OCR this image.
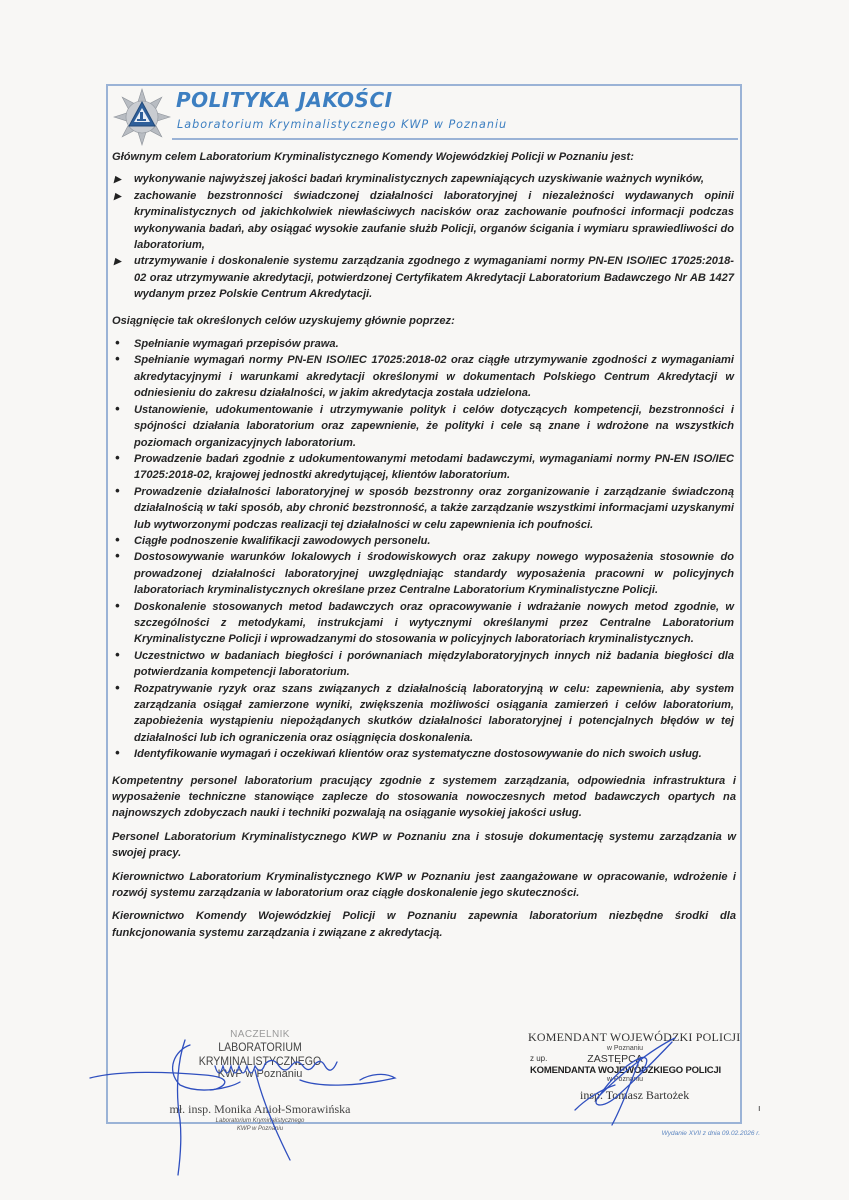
POLITYKA JAKOŚCI
Laboratorium Kryminalistycznego KWP w Poznaniu

Głównym celem Laboratorium Kryminalistycznego Komendy Wojewódzkiej Policji w Poznaniu jest:

▶ wykonywanie najwyższej jakości badań kryminalistycznych zapewniających uzyskiwanie ważnych wyników,
▶ zachowanie bezstronności świadczonej działalności laboratoryjnej i niezależności wydawanych opinii kryminalistycznych od jakichkolwiek niewłaściwych nacisków oraz zachowanie poufności informacji podczas wykonywania badań, aby osiągać wysokie zaufanie służb Policji, organów ścigania i wymiaru sprawiedliwości do laboratorium,
▶ utrzymywanie i doskonalenie systemu zarządzania zgodnego z wymaganiami normy PN-EN ISO/IEC 17025:2018-02 oraz utrzymywanie akredytacji, potwierdzonej Certyfikatem Akredytacji Laboratorium Badawczego Nr AB 1427 wydanym przez Polskie Centrum Akredytacji.

Osiągnięcie tak określonych celów uzyskujemy głównie poprzez:

• Spełnianie wymagań przepisów prawa.
• Spełnianie wymagań normy PN-EN ISO/IEC 17025:2018-02 oraz ciągłe utrzymywanie zgodności z wymaganiami akredytacyjnymi i warunkami akredytacji określonymi w dokumentach Polskiego Centrum Akredytacji w odniesieniu do zakresu działalności, w jakim akredytacja została udzielona.
• Ustanowienie, udokumentowanie i utrzymywanie polityk i celów dotyczących kompetencji, bezstronności i spójności działania laboratorium oraz zapewnienie, że polityki i cele są znane i wdrożone na wszystkich poziomach organizacyjnych laboratorium.
• Prowadzenie badań zgodnie z udokumentowanymi metodami badawczymi, wymaganiami normy PN-EN ISO/IEC 17025:2018-02, krajowej jednostki akredytującej, klientów laboratorium.
• Prowadzenie działalności laboratoryjnej w sposób bezstronny oraz zorganizowanie i zarządzanie świadczoną działalnością w taki sposób, aby chronić bezstronność, a także zarządzanie wszystkimi informacjami uzyskanymi lub wytworzonymi podczas realizacji tej działalności w celu zapewnienia ich poufności.
• Ciągłe podnoszenie kwalifikacji zawodowych personelu.
• Dostosowywanie warunków lokalowych i środowiskowych oraz zakupy nowego wyposażenia stosownie do prowadzonej działalności laboratoryjnej uwzględniając standardy wyposażenia pracowni w policyjnych laboratoriach kryminalistycznych określane przez Centralne Laboratorium Kryminalistyczne Policji.
• Doskonalenie stosowanych metod badawczych oraz opracowywanie i wdrażanie nowych metod zgodnie, w szczególności z metodykami, instrukcjami i wytycznymi określanymi przez Centralne Laboratorium Kryminalistyczne Policji i wprowadzanymi do stosowania w policyjnych laboratoriach kryminalistycznych.
• Uczestnictwo w badaniach biegłości i porównaniach międzylaboratoryjnych innych niż badania biegłości dla potwierdzania kompetencji laboratorium.
• Rozpatrywanie ryzyk oraz szans związanych z działalnością laboratoryjną w celu: zapewnienia, aby system zarządzania osiągał zamierzone wyniki, zwiększenia możliwości osiągania zamierzeń i celów laboratorium, zapobieżenia wystąpieniu niepożądanych skutków działalności laboratoryjnej i potencjalnych błędów w tej działalności lub ich ograniczenia oraz osiągnięcia doskonalenia.
• Identyfikowanie wymagań i oczekiwań klientów oraz systematyczne dostosowywanie do nich swoich usług.

Kompetentny personel laboratorium pracujący zgodnie z systemem zarządzania, odpowiednia infrastruktura i wyposażenie techniczne stanowiące zaplecze do stosowania nowoczesnych metod badawczych opartych na najnowszych zdobyczach nauki i techniki pozwalają na osiąganie wysokiej jakości usług.

Personel Laboratorium Kryminalistycznego KWP w Poznaniu zna i stosuje dokumentację systemu zarządzania w swojej pracy.

Kierownictwo Laboratorium Kryminalistycznego KWP w Poznaniu jest zaangażowane w opracowanie, wdrożenie i rozwój systemu zarządzania w laboratorium oraz ciągłe doskonalenie jego skuteczności.

Kierownictwo Komendy Wojewódzkiej Policji w Poznaniu zapewnia laboratorium niezbędne środki dla funkcjonowania systemu zarządzania i związane z akredytacją.

NACZELNIK
LABORATORIUM KRYMINALISTYCZNEGO
KWP w Poznaniu
mł. insp. Monika Anioł-Smorawińska
Laboratorium Kryminalistycznego
KWP w Poznaniu
KOMENDANT WOJEWÓDZKI POLICJI
w Poznaniu
z up.	ZASTĘPCA
KOMENDANTA WOJEWÓDZKIEGO POLICJI
w Poznaniu
insp. Tomasz Bartożek
ı
Wydanie XVII z dnia 09.02.2026 r.
